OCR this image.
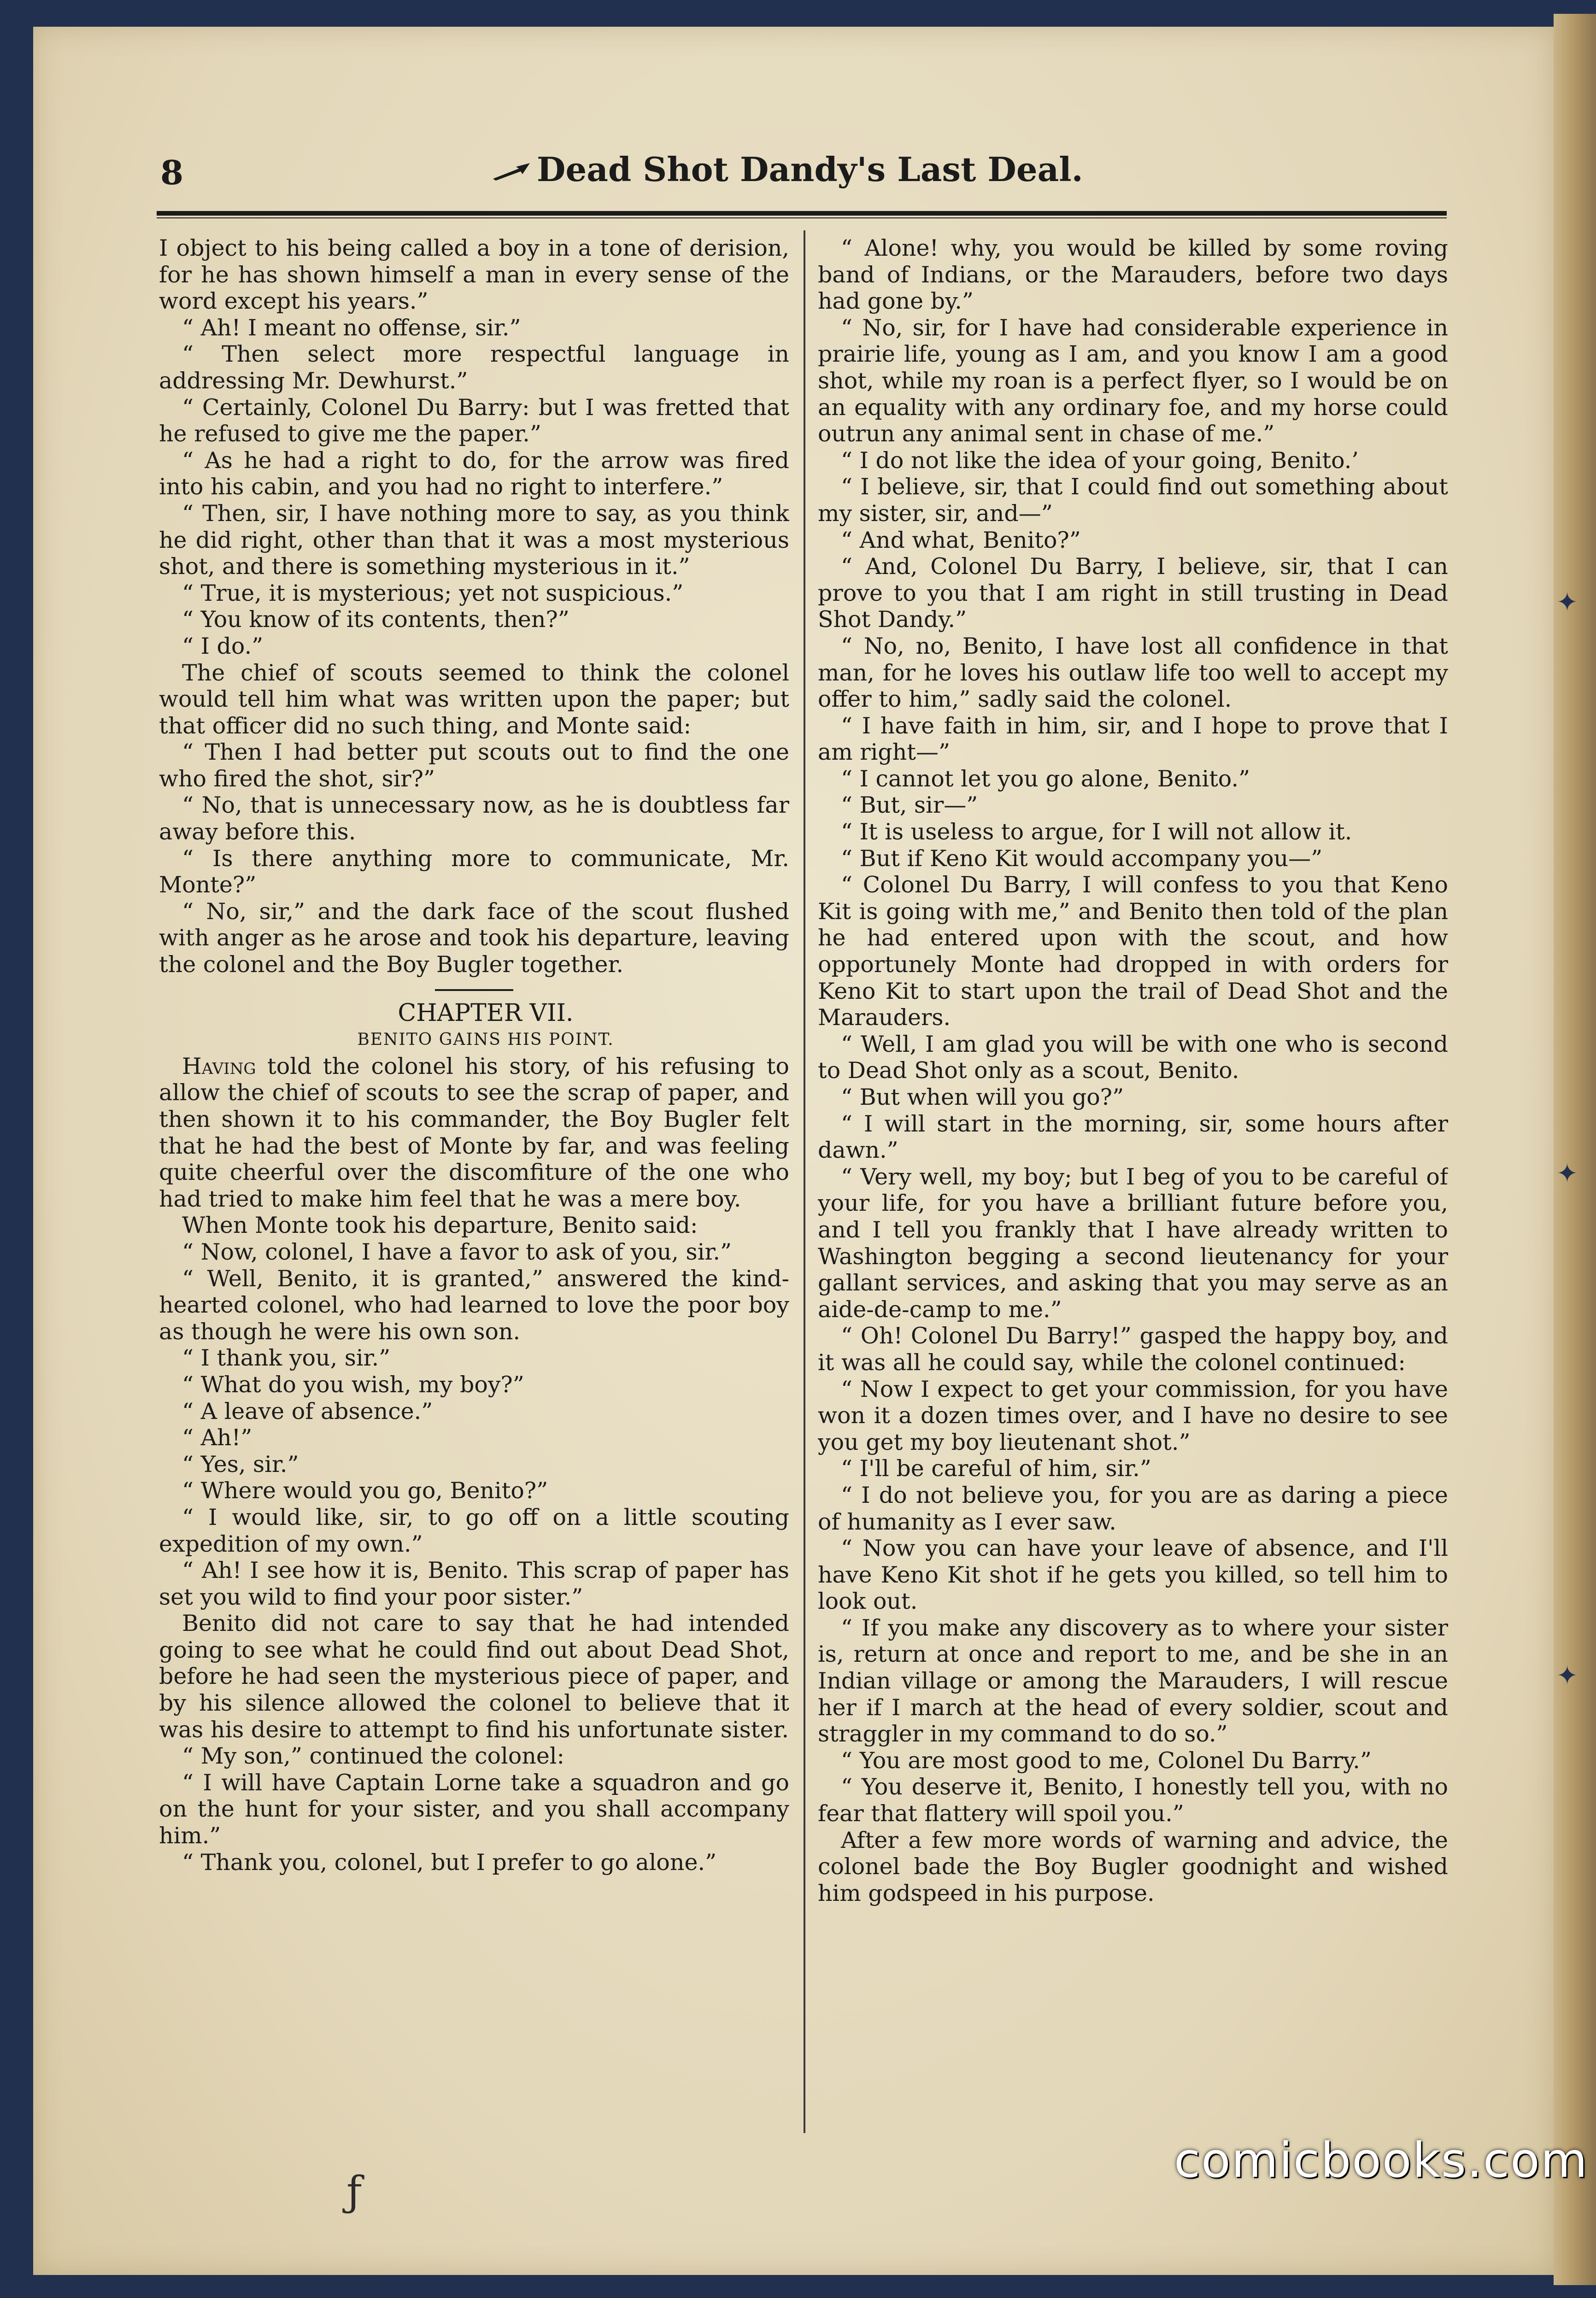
✦
✦
✦
8	Dead Shot Dandy's Last Deal.

I object to his being called a boy in a tone of derision, for he has shown himself a man in every sense of the word except his years.”

“ Ah! I meant no offense, sir.”

“ Then select more respectful language in addressing Mr. Dewhurst.”

“ Certainly, Colonel Du Barry: but I was fretted that he refused to give me the paper.”

“ As he had a right to do, for the arrow was fired into his cabin, and you had no right to interfere.”

“ Then, sir, I have nothing more to say, as you think he did right, other than that it was a most mysterious shot, and there is something mysterious in it.”

“ True, it is mysterious; yet not suspicious.”

“ You know of its contents, then?”

“ I do.”

The chief of scouts seemed to think the colonel would tell him what was written upon the paper; but that officer did no such thing, and Monte said:

“ Then I had better put scouts out to find the one who fired the shot, sir?”

“ No, that is unnecessary now, as he is doubtless far away before this.

“ Is there anything more to communicate, Mr. Monte?”

“ No, sir,” and the dark face of the scout flushed with anger as he arose and took his departure, leaving the colonel and the Boy Bugler together.

CHAPTER VII.

BENITO GAINS HIS POINT.

Having told the colonel his story, of his refusing to allow the chief of scouts to see the scrap of paper, and then shown it to his commander, the Boy Bugler felt that he had the best of Monte by far, and was feeling quite cheerful over the discomfiture of the one who had tried to make him feel that he was a mere boy.

When Monte took his departure, Benito said:

“ Now, colonel, I have a favor to ask of you, sir.”

“ Well, Benito, it is granted,” answered the kind-hearted colonel, who had learned to love the poor boy as though he were his own son.

“ I thank you, sir.”

“ What do you wish, my boy?”

“ A leave of absence.”

“ Ah!”

“ Yes, sir.”

“ Where would you go, Benito?”

“ I would like, sir, to go off on a little scouting expedition of my own.”

“ Ah! I see how it is, Benito. This scrap of paper has set you wild to find your poor sister.”

Benito did not care to say that he had intended going to see what he could find out about Dead Shot, before he had seen the mysterious piece of paper, and by his silence allowed the colonel to believe that it was his desire to attempt to find his unfortunate sister.

“ My son,” continued the colonel:

“ I will have Captain Lorne take a squadron and go on the hunt for your sister, and you shall accompany him.”

“ Thank you, colonel, but I prefer to go alone.”

“ Alone! why, you would be killed by some roving band of Indians, or the Marauders, before two days had gone by.”

“ No, sir, for I have had considerable experience in prairie life, young as I am, and you know I am a good shot, while my roan is a perfect flyer, so I would be on an equality with any ordinary foe, and my horse could outrun any animal sent in chase of me.”

“ I do not like the idea of your going, Benito.’

“ I believe, sir, that I could find out something about my sister, sir, and—”

“ And what, Benito?”

“ And, Colonel Du Barry, I believe, sir, that I can prove to you that I am right in still trusting in Dead Shot Dandy.”

“ No, no, Benito, I have lost all confidence in that man, for he loves his outlaw life too well to accept my offer to him,” sadly said the colonel.

“ I have faith in him, sir, and I hope to prove that I am right—”

“ I cannot let you go alone, Benito.”

“ But, sir—”

“ It is useless to argue, for I will not allow it.

“ But if Keno Kit would accompany you—”

“ Colonel Du Barry, I will confess to you that Keno Kit is going with me,” and Benito then told of the plan he had entered upon with the scout, and how opportunely Monte had dropped in with orders for Keno Kit to start upon the trail of Dead Shot and the Marauders.

“ Well, I am glad you will be with one who is second to Dead Shot only as a scout, Benito.

“ But when will you go?”

“ I will start in the morning, sir, some hours after dawn.”

“ Very well, my boy; but I beg of you to be careful of your life, for you have a brilliant future before you, and I tell you frankly that I have already written to Washington begging a second lieutenancy for your gallant services, and asking that you may serve as an aide-de-camp to me.”

“ Oh! Colonel Du Barry!” gasped the happy boy, and it was all he could say, while the colonel continued:

“ Now I expect to get your commission, for you have won it a dozen times over, and I have no desire to see you get my boy lieutenant shot.”

“ I'll be careful of him, sir.”

“ I do not believe you, for you are as daring a piece of humanity as I ever saw.

“ Now you can have your leave of absence, and I'll have Keno Kit shot if he gets you killed, so tell him to look out.

“ If you make any discovery as to where your sister is, return at once and report to me, and be she in an Indian village or among the Marauders, I will rescue her if I march at the head of every soldier, scout and straggler in my command to do so.”

“ You are most good to me, Colonel Du Barry.”

“ You deserve it, Benito, I honestly tell you, with no fear that flattery will spoil you.”

After a few more words of warning and advice, the colonel bade the Boy Bugler goodnight and wished him godspeed in his purpose.

ƒ
comicbooks.com
